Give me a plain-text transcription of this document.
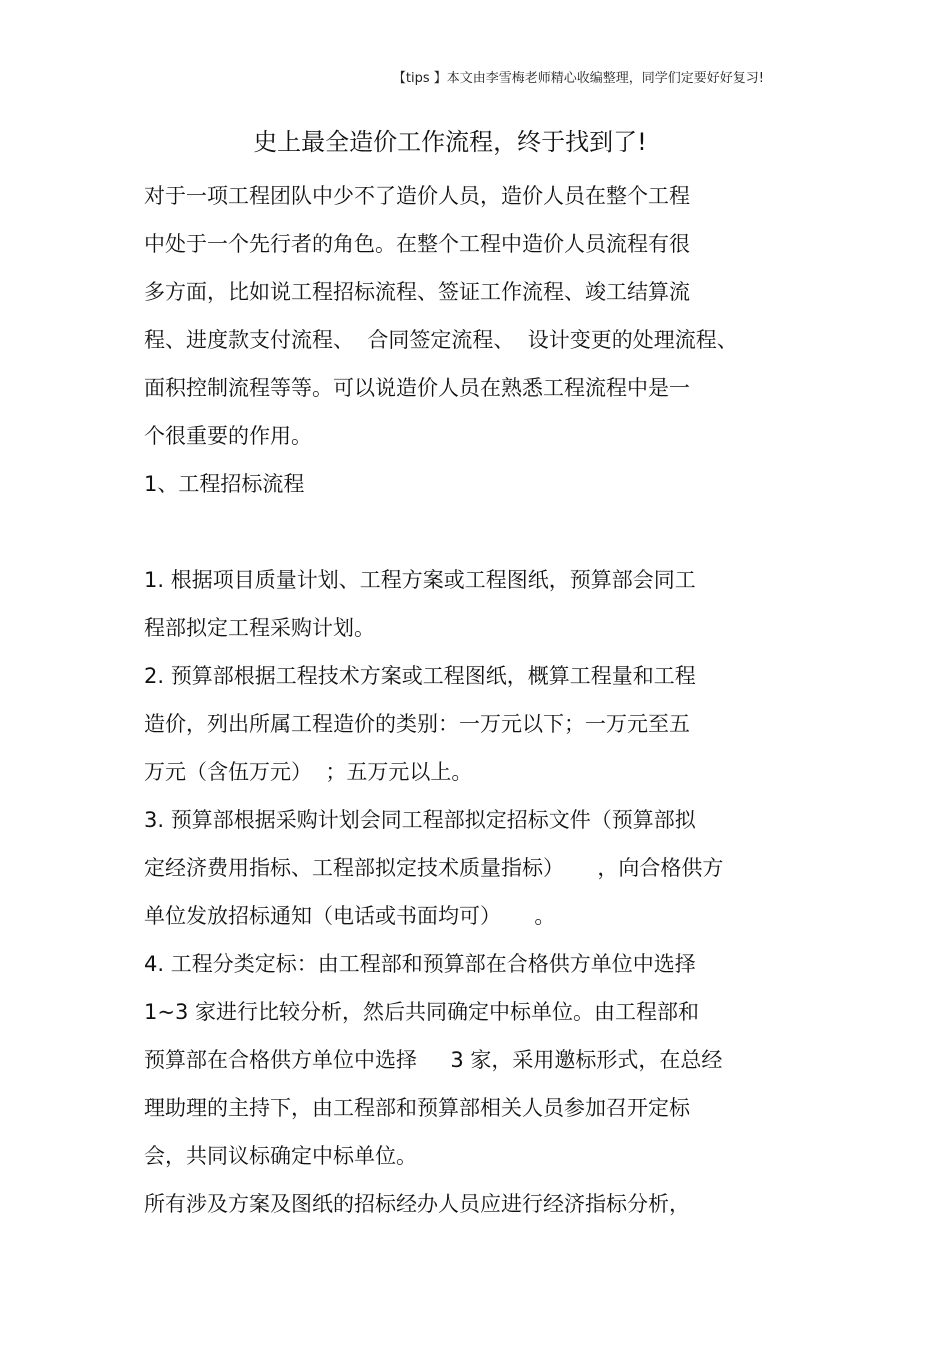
【tips 】本文由李雪梅老师精心收编整理，同学们定要好好复习!
史上最全造价工作流程，终于找到了!
对于一项工程团队中少不了造价人员，造价人员在整个工程
中处于一个先行者的角色。在整个工程中造价人员流程有很
多方面，比如说工程招标流程、签证工作流程、竣工结算流
程、进度款支付流程、  合同签定流程、  设计变更的处理流程、
面积控制流程等等。可以说造价人员在熟悉工程流程中是一
个很重要的作用。
1、工程招标流程
1. 根据项目质量计划、工程方案或工程图纸，预算部会同工
程部拟定工程采购计划。
2. 预算部根据工程技术方案或工程图纸，概算工程量和工程
造价，列出所属工程造价的类别：一万元以下；一万元至五
万元（含伍万元）  ；五万元以上。
3. 预算部根据采购计划会同工程部拟定招标文件（预算部拟
定经济费用指标、工程部拟定技术质量指标）     ，向合格供方
单位发放招标通知（电话或书面均可）     。
4. 工程分类定标：由工程部和预算部在合格供方单位中选择
1~3 家进行比较分析，然后共同确定中标单位。由工程部和
预算部在合格供方单位中选择     3 家，采用邀标形式，在总经
理助理的主持下，由工程部和预算部相关人员参加召开定标
会，共同议标确定中标单位。
所有涉及方案及图纸的招标经办人员应进行经济指标分析，
